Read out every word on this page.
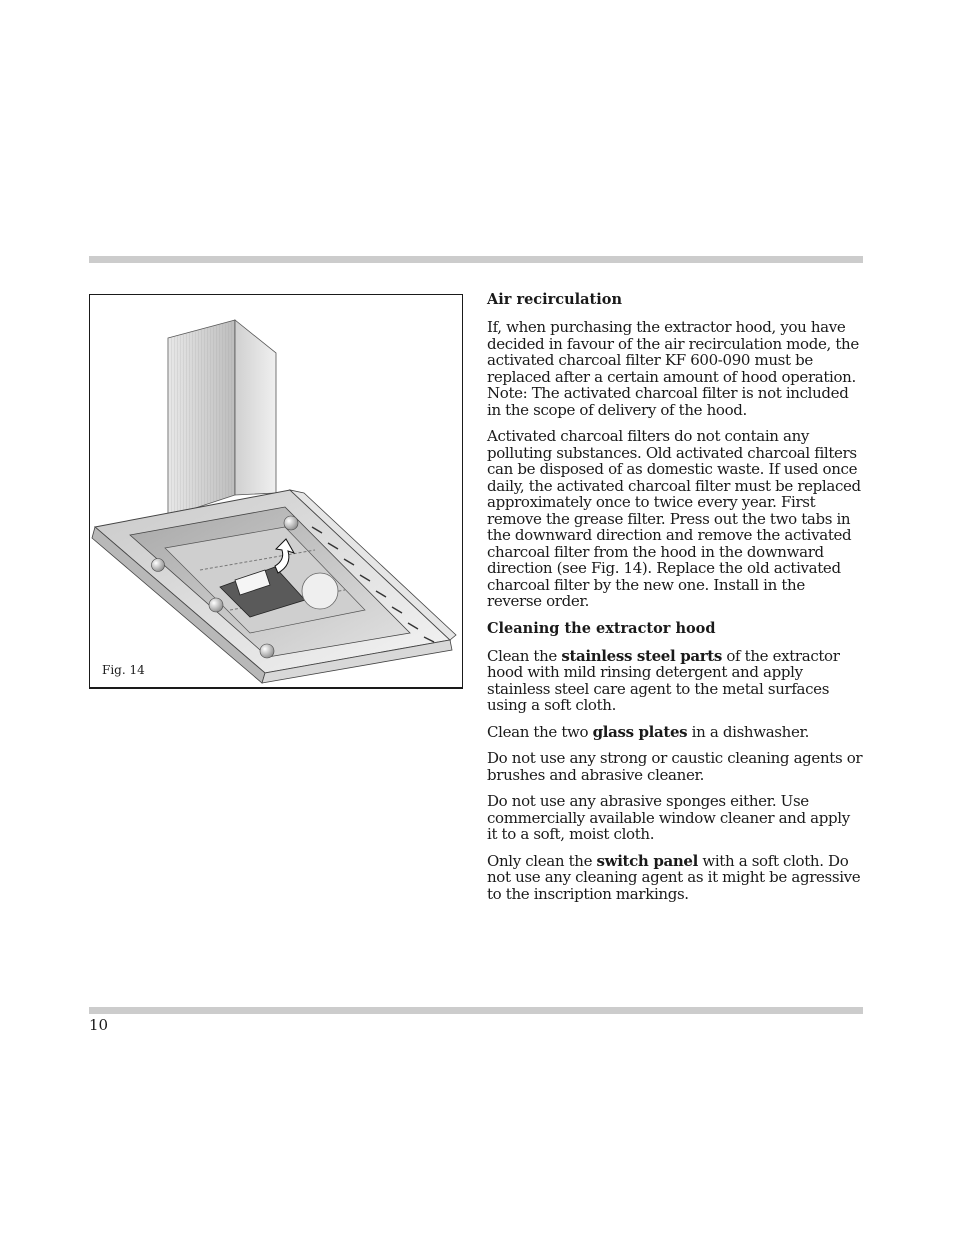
Fig. 14
Air recirculation

If, when purchasing the extractor hood, you have decided in favour of the air recirculation mode, the activated charcoal filter KF 600-090 must be replaced after a certain amount of hood operation. Note: The activated charcoal filter is not included in the scope of delivery of the hood.

Activated charcoal filters do not contain any polluting substances. Old activated charcoal filters can be disposed of as domestic waste. If used once daily, the activated charcoal filter must be replaced approximately once to twice every year. First remove the grease filter. Press out the two tabs in the downward direction and remove the activated charcoal filter from the hood in the downward direction (see Fig. 14). Replace the old activated charcoal filter by the new one. Install in the reverse order.

Cleaning the extractor hood

Clean the stainless steel parts of the extractor hood with mild rinsing detergent and apply stainless steel care agent to the metal surfaces using a soft cloth.

Clean the two glass plates in a dishwasher.

Do not use any strong or caustic cleaning agents or brushes and abrasive cleaner.

Do not use any abrasive sponges either. Use commercially available window cleaner and apply it to a soft, moist cloth.

Only clean the switch panel with a soft cloth. Do not use any cleaning agent as it might be agressive to the inscription markings.

10
